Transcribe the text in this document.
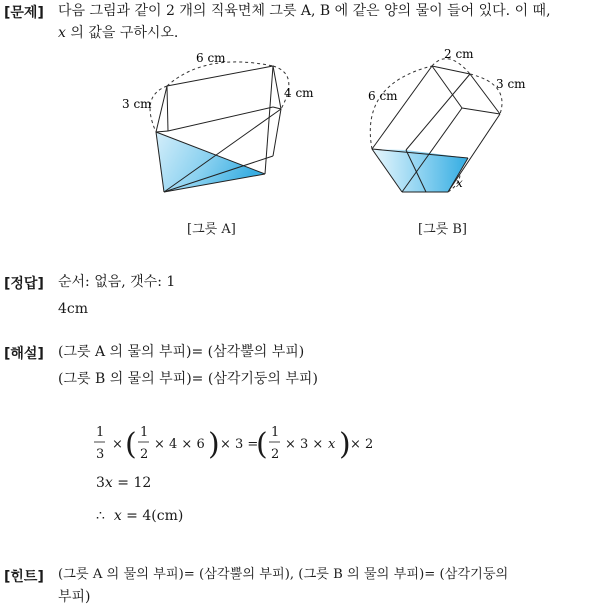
[문제] 다음 그림과 같이 2 개의 직육면체 그릇 A, B 에 같은 양의 물이 들어 있다. 이 때,
x 의 값을 구하시오.
6 cm
3 cm
4 cm
[그릇 A]
2 cm
3 cm
6 cm
x
[그릇 B]
[정답] 순서: 없음, 갯수: 1
4cm
[해설] (그릇 A 의 물의 부피)= (삼각뿔의 부피)
(그릇 B 의 물의 부피)= (삼각기둥의 부피)
1
3
× ( 1
2
× 4 × 6 ) × 3 =
( 1
2
× 3 × x ) × 2
3x = 12
∴ x = 4(cm)
[힌트] (그릇 A 의 물의 부피)= (삼각뿔의 부피), (그릇 B 의 물의 부피)= (삼각기둥의
부피)
